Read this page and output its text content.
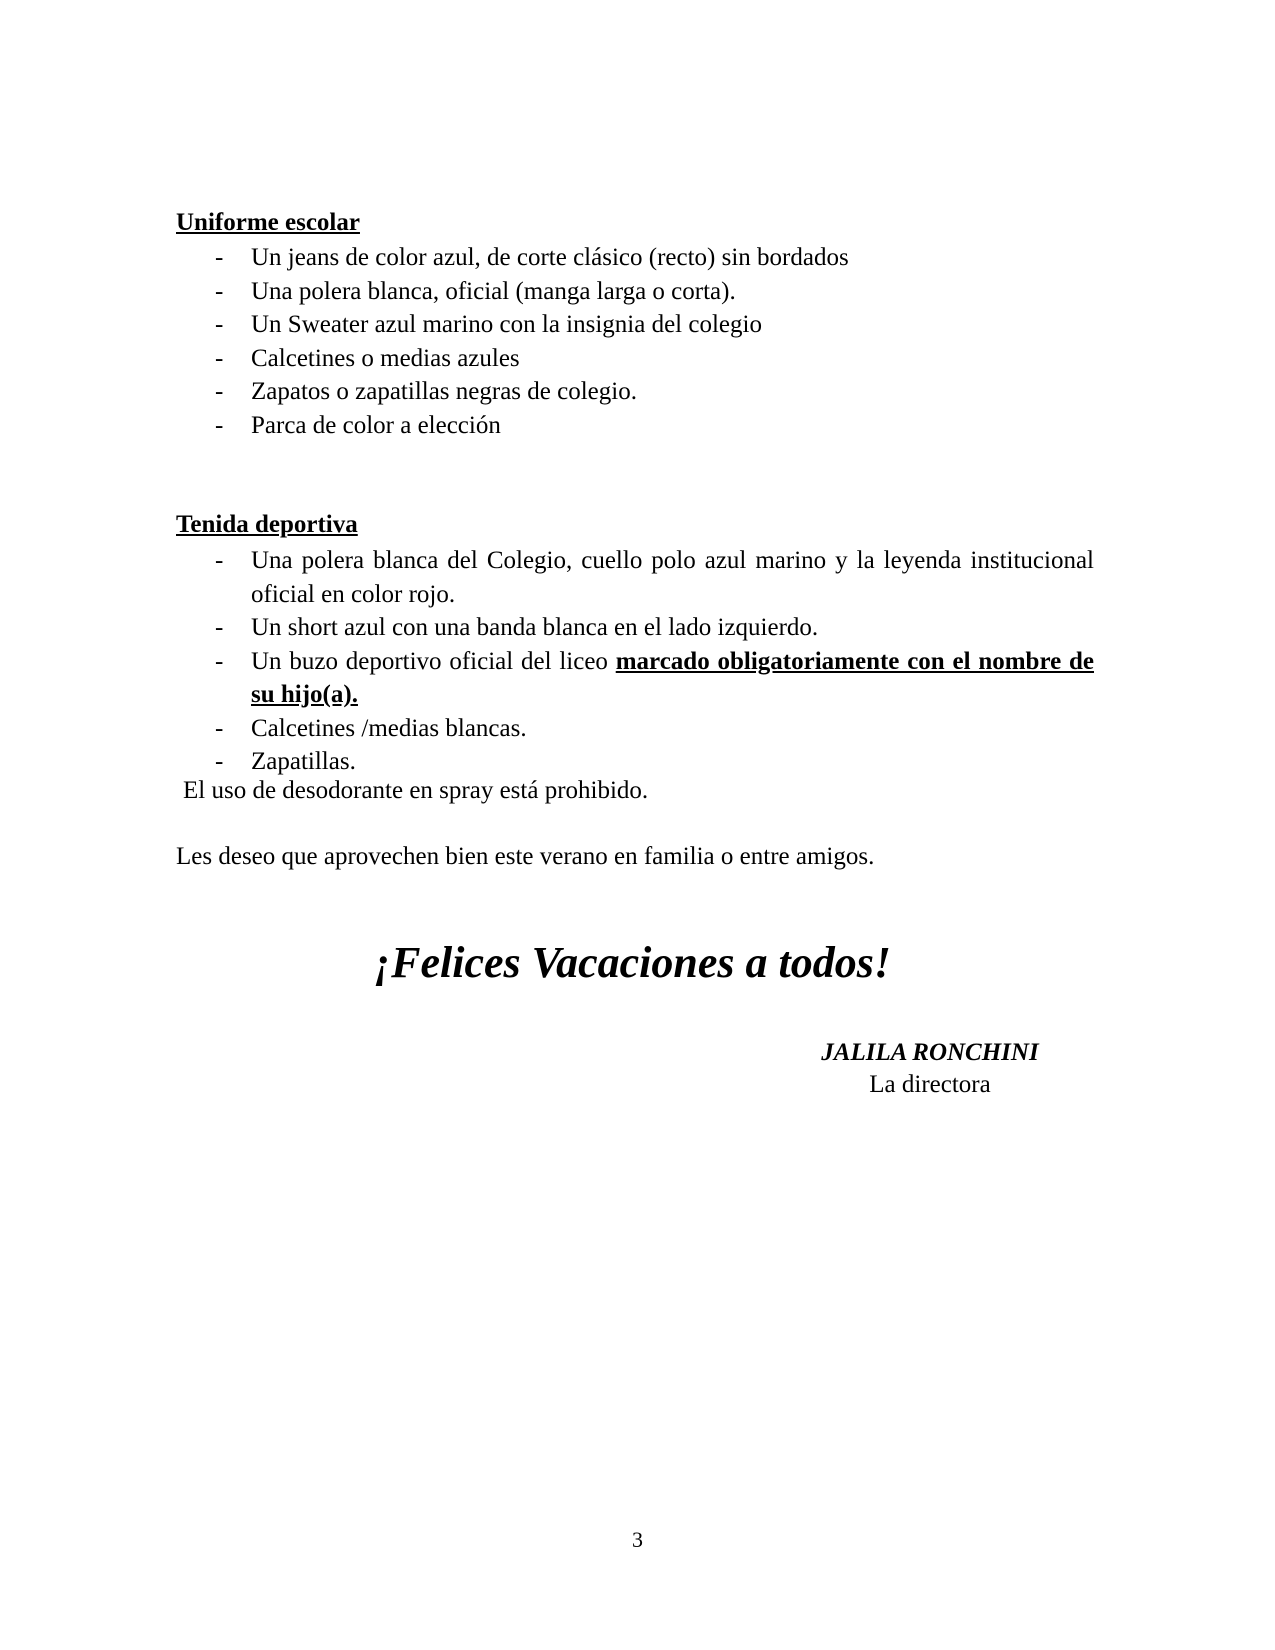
Uniforme escolar
- Un jeans de color azul, de corte clásico (recto) sin bordados
- Una polera blanca, oficial (manga larga o corta).
- Un Sweater azul marino con la insignia del colegio
- Calcetines o medias azules
- Zapatos o zapatillas negras de colegio.
- Parca de color a elección
Tenida deportiva
- Una polera blanca del Colegio, cuello polo azul marino y la leyenda institucional oficial en color rojo.
- Un short azul con una banda blanca en el lado izquierdo.
- Un buzo deportivo oficial del liceo marcado obligatoriamente con el nombre de su hijo(a).
- Calcetines /medias blancas.
- Zapatillas.
El uso de desodorante en spray está prohibido.
Les deseo que aprovechen bien este verano en familia o entre amigos.
¡Felices Vacaciones a todos!
JALILA RONCHINI
La directora
3
